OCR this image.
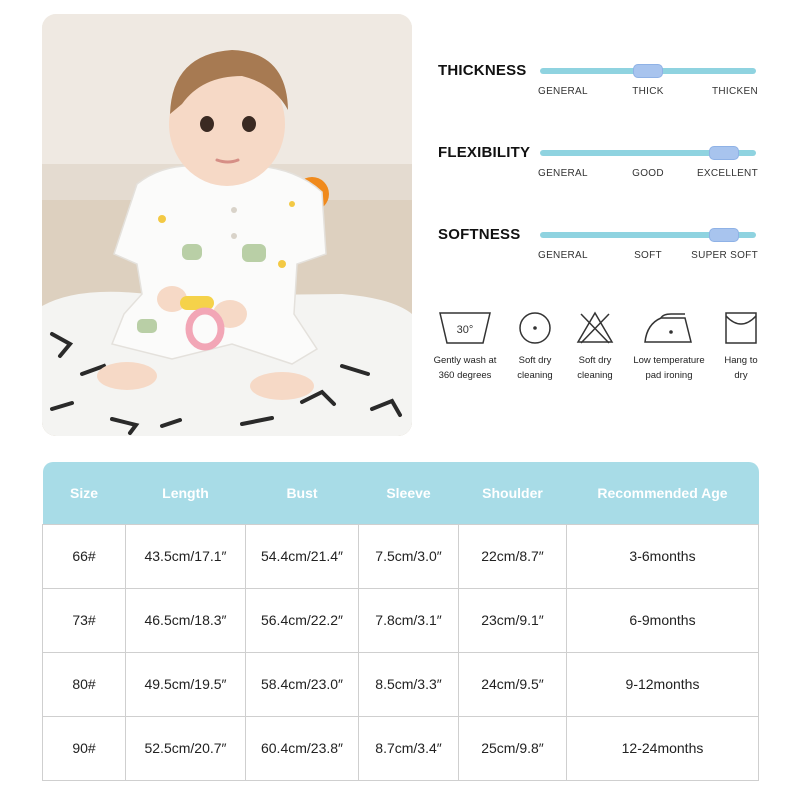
THICKNESS
GENERAL	THICK	THICKEN
FLEXIBILITY
GENERAL	GOOD	EXCELLENT
SOFTNESS
GENERAL	SOFT	SUPER SOFT
30°
Gently wash at
360 degrees
Soft dry
cleaning
Soft dry
cleaning
Low temperature
pad ironing
Hang to
dry
Size	Length	Bust	Sleeve	Shoulder	Recommended Age
66#	43.5cm/17.1″	54.4cm/21.4″	7.5cm/3.0″	22cm/8.7″	3-6months
73#	46.5cm/18.3″	56.4cm/22.2″	7.8cm/3.1″	23cm/9.1″	6-9months
80#	49.5cm/19.5″	58.4cm/23.0″	8.5cm/3.3″	24cm/9.5″	9-12months
90#	52.5cm/20.7″	60.4cm/23.8″	8.7cm/3.4″	25cm/9.8″	12-24months
